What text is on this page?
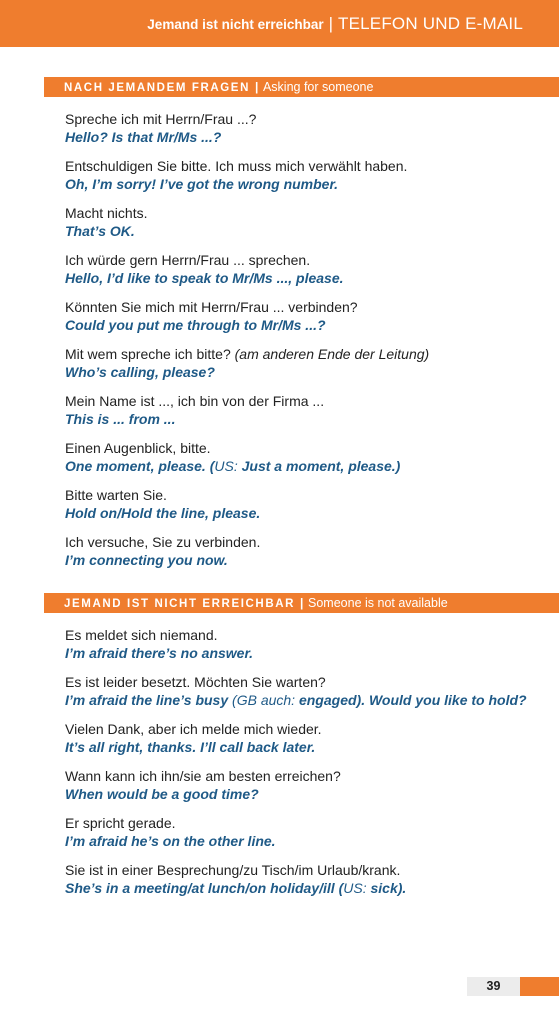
Jemand ist nicht erreichbar | TELEFON UND E-MAIL
NACH JEMANDEM FRAGEN | Asking for someone
Spreche ich mit Herrn/Frau ...?
Hello? Is that Mr/Ms ...?
Entschuldigen Sie bitte. Ich muss mich verwählt haben.
Oh, I’m sorry! I’ve got the wrong number.
Macht nichts.
That’s OK.
Ich würde gern Herrn/Frau ... sprechen.
Hello, I’d like to speak to Mr/Ms ..., please.
Könnten Sie mich mit Herrn/Frau ... verbinden?
Could you put me through to Mr/Ms ...?
Mit wem spreche ich bitte? (am anderen Ende der Leitung)
Who’s calling, please?
Mein Name ist ..., ich bin von der Firma ...
This is ... from ...
Einen Augenblick, bitte.
One moment, please. (US: Just a moment, please.)
Bitte warten Sie.
Hold on/Hold the line, please.
Ich versuche, Sie zu verbinden.
I’m connecting you now.
JEMAND IST NICHT ERREICHBAR | Someone is not available
Es meldet sich niemand.
I’m afraid there’s no answer.
Es ist leider besetzt. Möchten Sie warten?
I’m afraid the line’s busy (GB auch: engaged). Would you like to hold?
Vielen Dank, aber ich melde mich wieder.
It’s all right, thanks. I’ll call back later.
Wann kann ich ihn/sie am besten erreichen?
When would be a good time?
Er spricht gerade.
I’m afraid he’s on the other line.
Sie ist in einer Besprechung/zu Tisch/im Urlaub/krank.
She’s in a meeting/at lunch/on holiday/ill (US: sick).
39
